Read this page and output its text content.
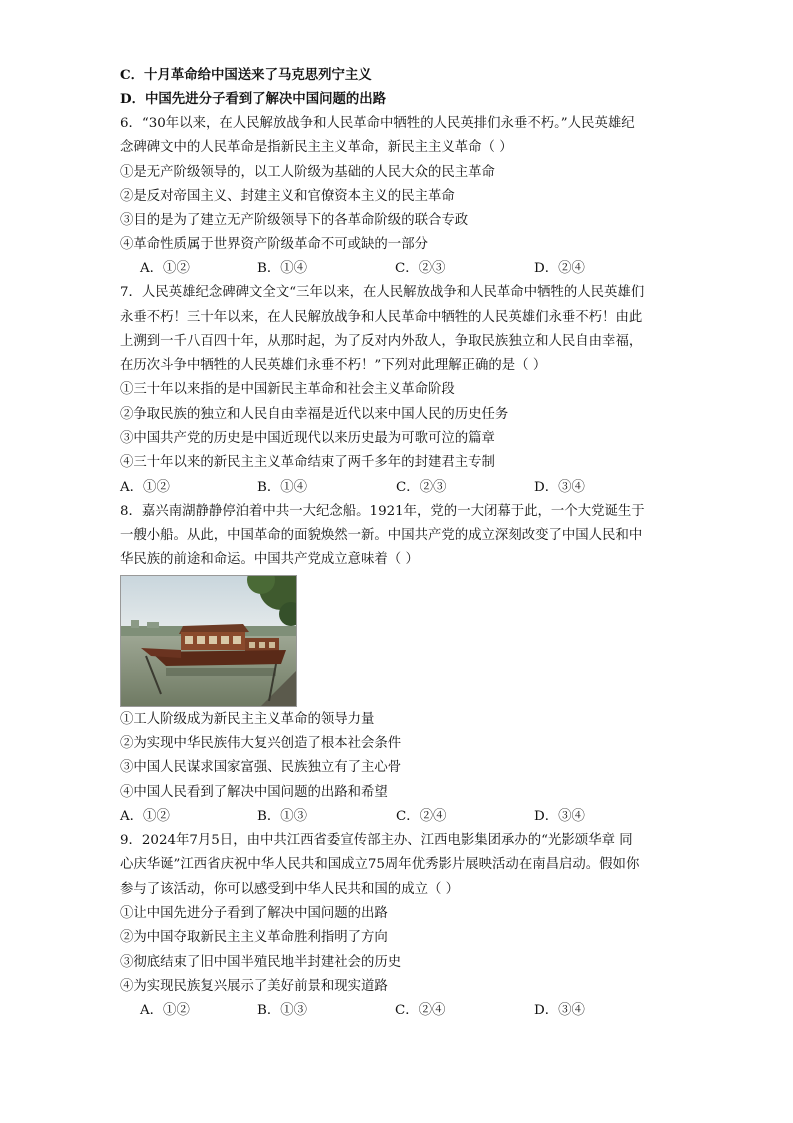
C．十月革命给中国送来了马克思列宁主义
D．中国先进分子看到了解决中国问题的出路
6．“30年以来，在人民解放战争和人民革命中牺牲的人民英排们永垂不朽。”人民英雄纪
念碑碑文中的人民革命是指新民主主义革命，新民主主义革命（ ）
①是无产阶级领导的，以工人阶级为基础的人民大众的民主革命
②是反对帝国主义、封建主义和官僚资本主义的民主革命
③目的是为了建立无产阶级领导下的各革命阶级的联合专政
④革命性质属于世界资产阶级革命不可或缺的一部分
A．①②	B．①④	C．②③	D．②④
7．人民英雄纪念碑碑文全文“三年以来，在人民解放战争和人民革命中牺牲的人民英雄们
永垂不朽！三十年以来，在人民解放战争和人民革命中牺牲的人民英雄们永垂不朽！由此
上溯到一千八百四十年，从那时起，为了反对内外敌人，争取民族独立和人民自由幸福，
在历次斗争中牺牲的人民英雄们永垂不朽！”下列对此理解正确的是（ ）
①三十年以来指的是中国新民主革命和社会主义革命阶段
②争取民族的独立和人民自由幸福是近代以来中国人民的历史任务
③中国共产党的历史是中国近现代以来历史最为可歌可泣的篇章
④三十年以来的新民主主义革命结束了两千多年的封建君主专制
A．①②	B．①④	C．②③	D．③④
8．嘉兴南湖静静停泊着中共一大纪念船。1921年，党的一大闭幕于此，一个大党诞生于
一艘小船。从此，中国革命的面貌焕然一新。中国共产党的成立深刻改变了中国人民和中
华民族的前途和命运。中国共产党成立意味着（ ）
①工人阶级成为新民主主义革命的领导力量
②为实现中华民族伟大复兴创造了根本社会条件
③中国人民谋求国家富强、民族独立有了主心骨
④中国人民看到了解决中国问题的出路和希望
A．①②	B．①③	C．②④	D．③④
9．2024年7月5日，由中共江西省委宣传部主办、江西电影集团承办的“光影颂华章 同
心庆华诞”江西省庆祝中华人民共和国成立75周年优秀影片展映活动在南昌启动。假如你
参与了该活动，你可以感受到中华人民共和国的成立（ ）
①让中国先进分子看到了解决中国问题的出路
②为中国夺取新民主主义革命胜利指明了方向
③彻底结束了旧中国半殖民地半封建社会的历史
④为实现民族复兴展示了美好前景和现实道路
A．①②	B．①③	C．②④	D．③④
